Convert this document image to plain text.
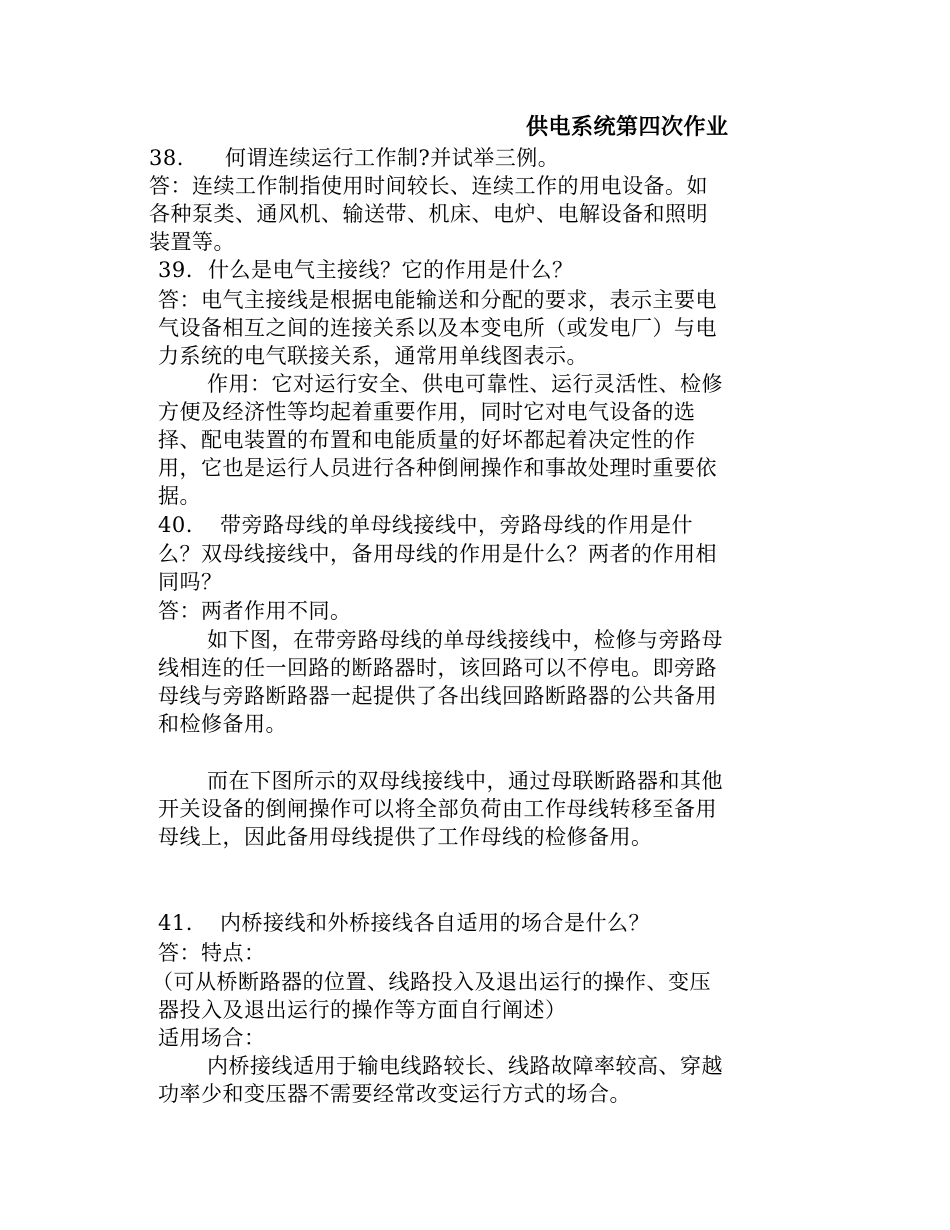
供电系统第四次作业
38. 何谓连续运行工作制?并试举三例。
答：连续工作制指使用时间较长、连续工作的用电设备。如
各种泵类、通风机、输送带、机床、电炉、电解设备和照明
装置等。
39. 什么是电气主接线？它的作用是什么？
答：电气主接线是根据电能输送和分配的要求，表示主要电
气设备相互之间的连接关系以及本变电所（或发电厂）与电
力系统的电气联接关系，通常用单线图表示。
作用：它对运行安全、供电可靠性、运行灵活性、检修
方便及经济性等均起着重要作用，同时它对电气设备的选
择、配电装置的布置和电能质量的好坏都起着决定性的作
用，它也是运行人员进行各种倒闸操作和事故处理时重要依
据。
40. 带旁路母线的单母线接线中，旁路母线的作用是什
么？双母线接线中，备用母线的作用是什么？两者的作用相
同吗？
答：两者作用不同。
如下图，在带旁路母线的单母线接线中，检修与旁路母
线相连的任一回路的断路器时，该回路可以不停电。即旁路
母线与旁路断路器一起提供了各出线回路断路器的公共备用
和检修备用。
而在下图所示的双母线接线中，通过母联断路器和其他
开关设备的倒闸操作可以将全部负荷由工作母线转移至备用
母线上，因此备用母线提供了工作母线的检修备用。
41. 内桥接线和外桥接线各自适用的场合是什么？
答：特点：
（可从桥断路器的位置、线路投入及退出运行的操作、变压
器投入及退出运行的操作等方面自行阐述）
适用场合：
内桥接线适用于输电线路较长、线路故障率较高、穿越
功率少和变压器不需要经常改变运行方式的场合。
